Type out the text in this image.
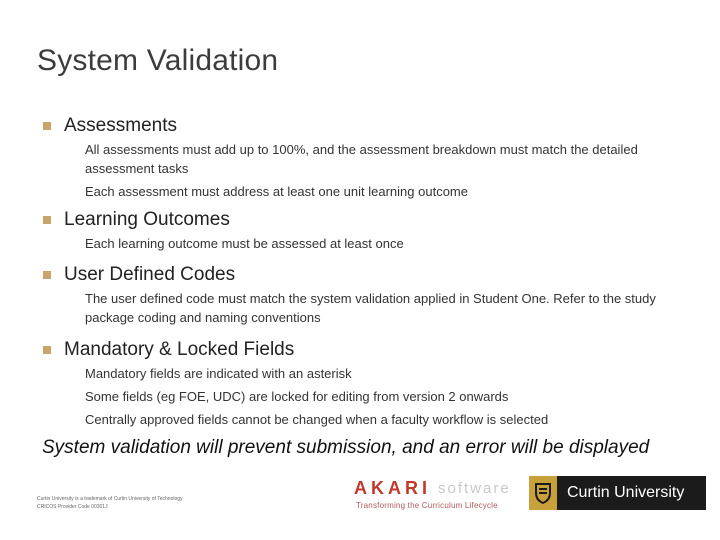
System Validation
Assessments
All assessments must add up to 100%, and the assessment breakdown must match the detailed assessment tasks
Each assessment must address at least one unit learning outcome
Learning Outcomes
Each learning outcome must be assessed at least once
User Defined Codes
The user defined code must match the system validation applied in Student One. Refer to the study package coding and naming conventions
Mandatory & Locked Fields
Mandatory fields are indicated with an asterisk
Some fields (eg FOE, UDC) are locked for editing from version 2 onwards
Centrally approved fields cannot be changed when a faculty workflow is selected
System validation will prevent submission, and an error will be displayed
Curtin University is a trademark of Curtin University of Technology
CRICOS Provider Code 00301J
AKARI software
Transforming the Curriculum Lifecycle
Curtin University
